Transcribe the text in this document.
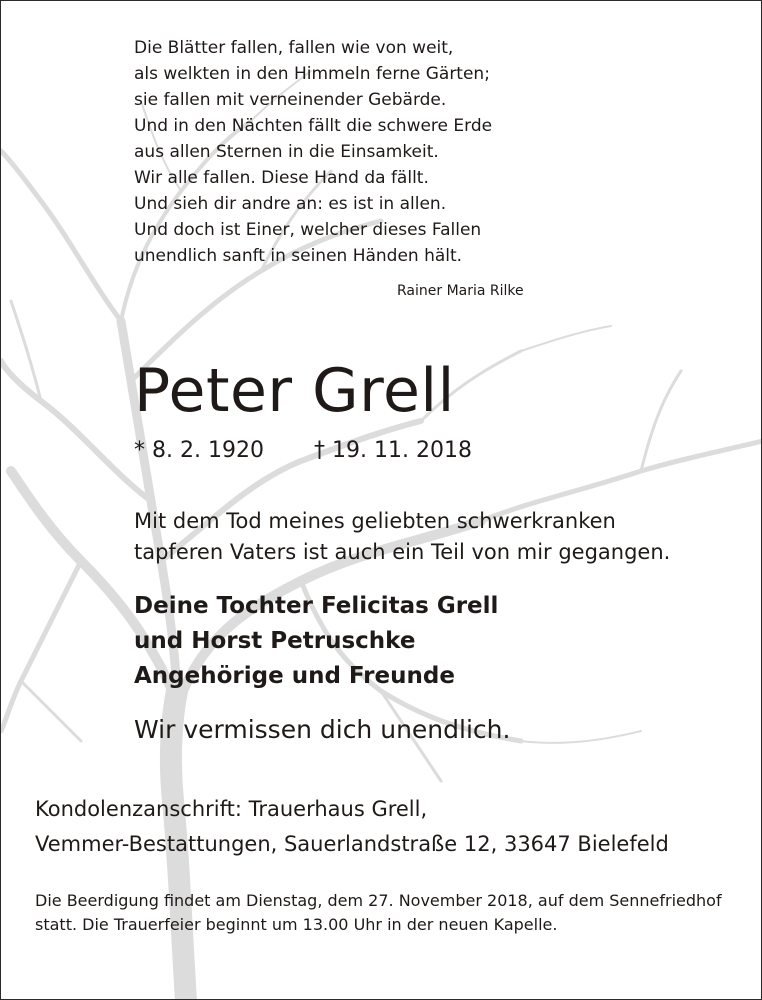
Die Blätter fallen, fallen wie von weit,
als welkten in den Himmeln ferne Gärten;
sie fallen mit verneinender Gebärde.
Und in den Nächten fällt die schwere Erde
aus allen Sternen in die Einsamkeit.
Wir alle fallen. Diese Hand da fällt.
Und sieh dir andre an: es ist in allen.
Und doch ist Einer, welcher dieses Fallen
unendlich sanft in seinen Händen hält.
Rainer Maria Rilke
Peter Grell
* 8. 2. 1920 † 19. 11. 2018
Mit dem Tod meines geliebten schwerkranken
tapferen Vaters ist auch ein Teil von mir gegangen.
Deine Tochter Felicitas Grell
und Horst Petruschke
Angehörige und Freunde
Wir vermissen dich unendlich.
Kondolenzanschrift: Trauerhaus Grell,
Vemmer-Bestattungen, Sauerlandstraße 12, 33647 Bielefeld
Die Beerdigung findet am Dienstag, dem 27. November 2018, auf dem Sennefriedhof statt. Die Trauerfeier beginnt um 13.00 Uhr in der neuen Kapelle.
